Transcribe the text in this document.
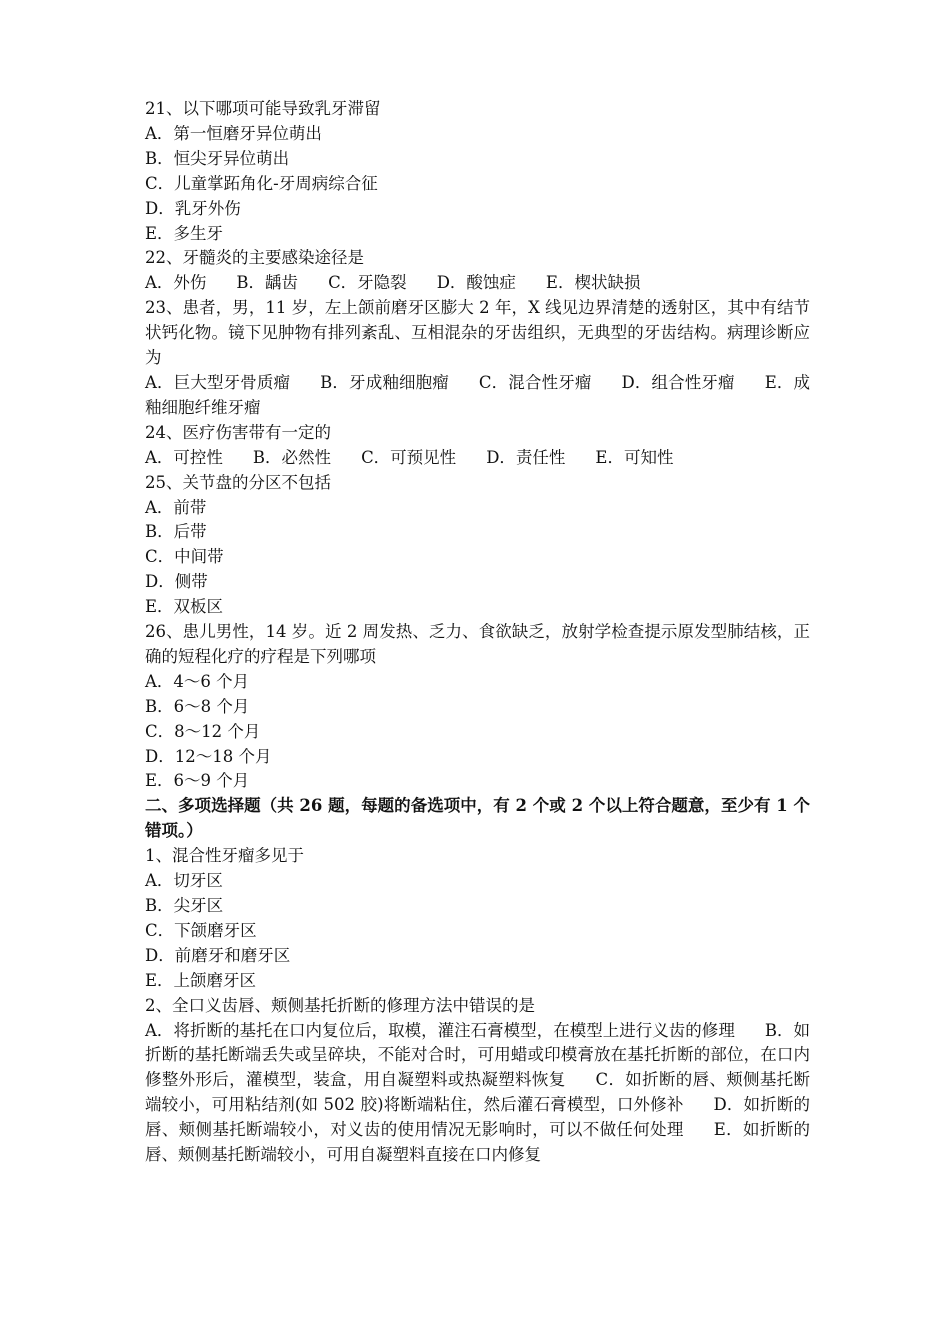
21、以下哪项可能导致乳牙滞留
A．第一恒磨牙异位萌出
B．恒尖牙异位萌出
C．儿童掌跖角化-牙周病综合征
D．乳牙外伤
E．多生牙
22、牙髓炎的主要感染途径是
A．外伤 B．龋齿 C．牙隐裂 D．酸蚀症 E．楔状缺损
23、患者，男，11 岁，左上颌前磨牙区膨大 2 年，X 线见边界清楚的透射区，其中有结节状钙化物。镜下见肿物有排列紊乱、互相混杂的牙齿组织，无典型的牙齿结构。病理诊断应为
A．巨大型牙骨质瘤 B．牙成釉细胞瘤 C．混合性牙瘤 D．组合性牙瘤 E．成釉细胞纤维牙瘤
24、医疗伤害带有一定的
A．可控性 B．必然性 C．可预见性 D．责任性 E．可知性
25、关节盘的分区不包括
A．前带
B．后带
C．中间带
D．侧带
E．双板区
26、患儿男性，14 岁。近 2 周发热、乏力、食欲缺乏，放射学检查提示原发型肺结核，正确的短程化疗的疗程是下列哪项
A．4～6 个月
B．6～8 个月
C．8～12 个月
D．12～18 个月
E．6～9 个月
二、多项选择题（共 26 题，每题的备选项中，有 2 个或 2 个以上符合题意，至少有 1 个错项。）
1、混合性牙瘤多见于
A．切牙区
B．尖牙区
C．下颌磨牙区
D．前磨牙和磨牙区
E．上颌磨牙区
2、全口义齿唇、颊侧基托折断的修理方法中错误的是
A．将折断的基托在口内复位后，取模，灌注石膏模型，在模型上进行义齿的修理 B．如折断的基托断端丢失或呈碎块，不能对合时，可用蜡或印模膏放在基托折断的部位，在口内修整外形后，灌模型，装盒，用自凝塑料或热凝塑料恢复 C．如折断的唇、颊侧基托断端较小，可用粘结剂(如 502 胶)将断端粘住，然后灌石膏模型，口外修补 D．如折断的唇、颊侧基托断端较小，对义齿的使用情况无影响时，可以不做任何处理 E．如折断的唇、颊侧基托断端较小，可用自凝塑料直接在口内修复
